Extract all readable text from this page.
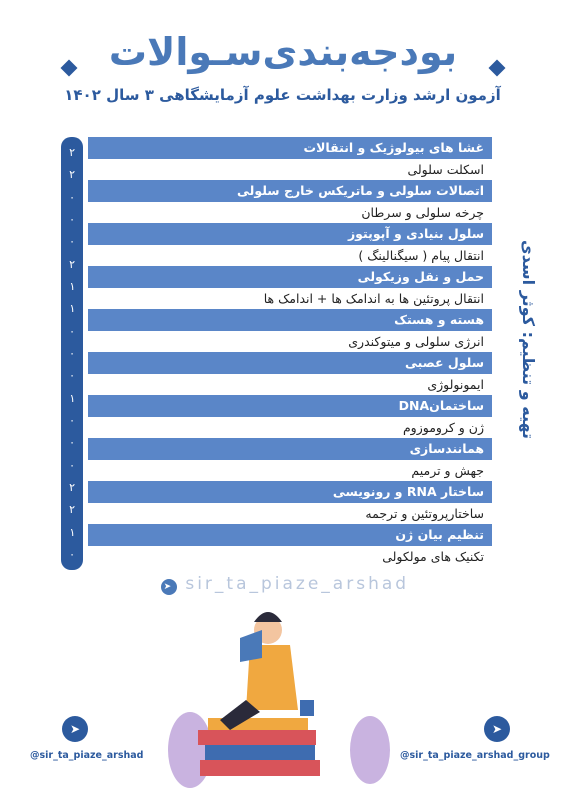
بودجه‌بندی‌سـوالات
آزمون ارشد وزارت بهداشت علوم آزمایشگاهی ۳ سال ۱۴۰۲
۲
۲
۰
۰
۰
۲
۱
۱
۰
۰
۰
۱
۰
۰
۰
۲
۲
۱
۰
غشا های بیولوژیک و انتقالات
اسکلت سلولی
اتصالات سلولی و ماتریکس خارج سلولی
چرخه سلولی و سرطان
سلول بنیادی و آپوپتوز
انتقال پیام ( سیگنالینگ )
حمل و نقل وزیکولی
انتقال پروتئین ها به اندامک ها + اندامک ها
هسته و هستک
انرژی سلولی و میتوکندری
سلول عصبی
ایمونولوژی
ساختمانDNA
ژن و کروموزوم
همانندسازی
جهش و ترمیم
ساختار RNA و رونویسی
ساختارپروتئین و ترجمه
تنظیم بیان ژن
تکنیک های مولکولی
تهیه و تنظیم: کوثر اسدی
➤ sir_ta_piaze_arshad
➤
@sir_ta_piaze_arshad
➤
@sir_ta_piaze_arshad_group
